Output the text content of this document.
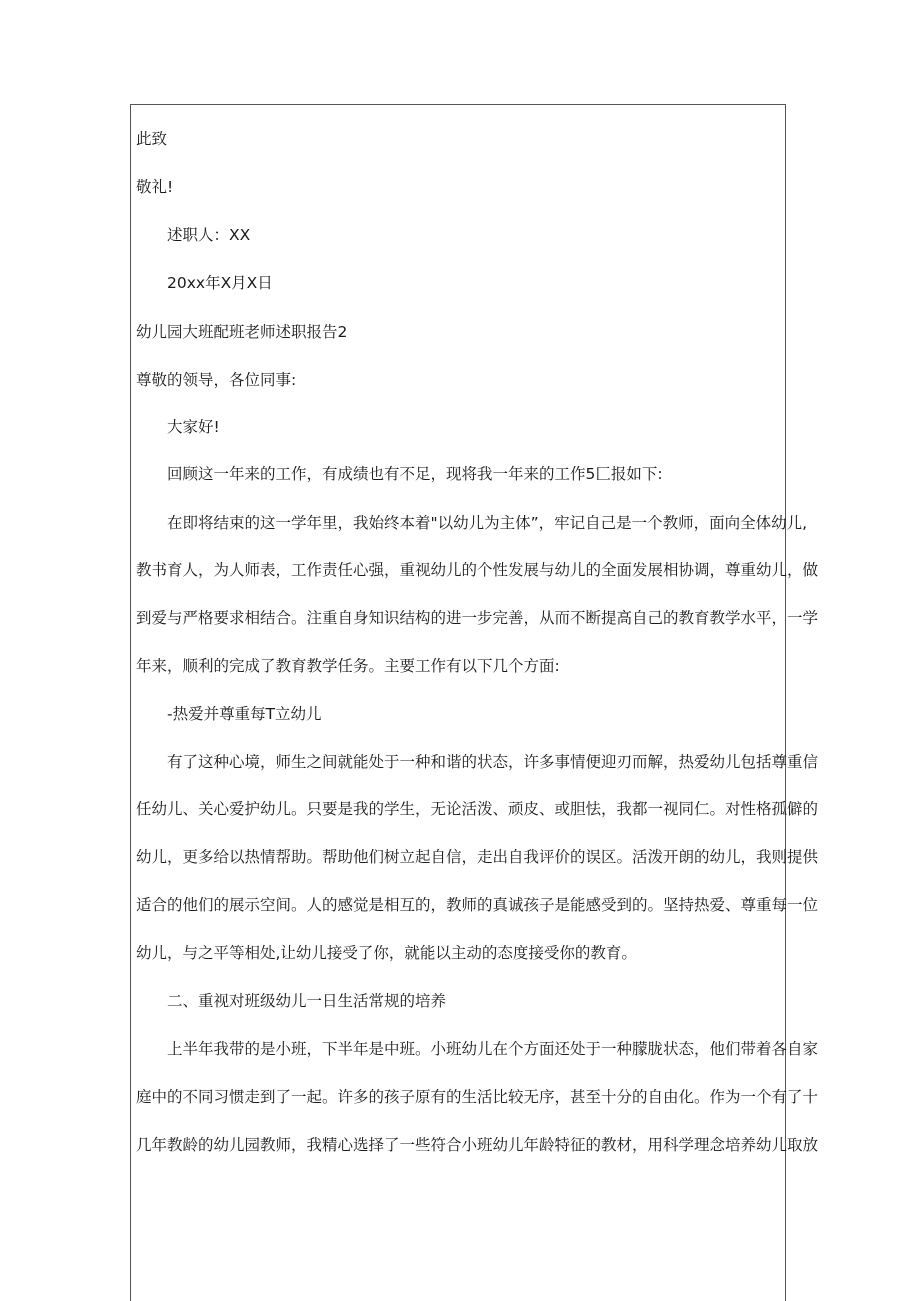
此致
敬礼!
述职人：XX
20xx年X月X日
幼儿园大班配班老师述职报告2
尊敬的领导，各位同事:
大家好!
回顾这一年来的工作，有成绩也有不足，现将我一年来的工作5匚报如下:
在即将结束的这一学年里，我始终本着"以幼儿为主体”，牢记自己是一个教师，面向全体幼儿,
教书育人，为人师表，工作责任心强，重视幼儿的个性发展与幼儿的全面发展相协调，尊重幼儿，做
到爱与严格要求相结合。注重自身知识结构的进一步完善，从而不断提高自己的教育教学水平，一学
年来，顺利的完成了教育教学任务。主要工作有以下几个方面:
-热爱并尊重每T立幼儿
有了这种心境，师生之间就能处于一种和谐的状态，许多事情便迎刃而解，热爱幼儿包括尊重信
任幼儿、关心爱护幼儿。只要是我的学生，无论活泼、顽皮、或胆怯，我都一视同仁。对性格孤僻的
幼儿，更多给以热情帮助。帮助他们树立起自信，走出自我评价的误区。活泼开朗的幼儿，我则提供
适合的他们的展示空间。人的感觉是相互的，教师的真诚孩子是能感受到的。坚持热爱、尊重每一位
幼儿，与之平等相处,让幼儿接受了你，就能以主动的态度接受你的教育。
二、重视对班级幼儿一日生活常规的培养
上半年我带的是小班，下半年是中班。小班幼儿在个方面还处于一种朦胧状态，他们带着各自家
庭中的不同习惯走到了一起。许多的孩子原有的生活比较无序，甚至十分的自由化。作为一个有了十
几年教龄的幼儿园教师，我精心选择了一些符合小班幼儿年龄特征的教材，用科学理念培养幼儿取放
